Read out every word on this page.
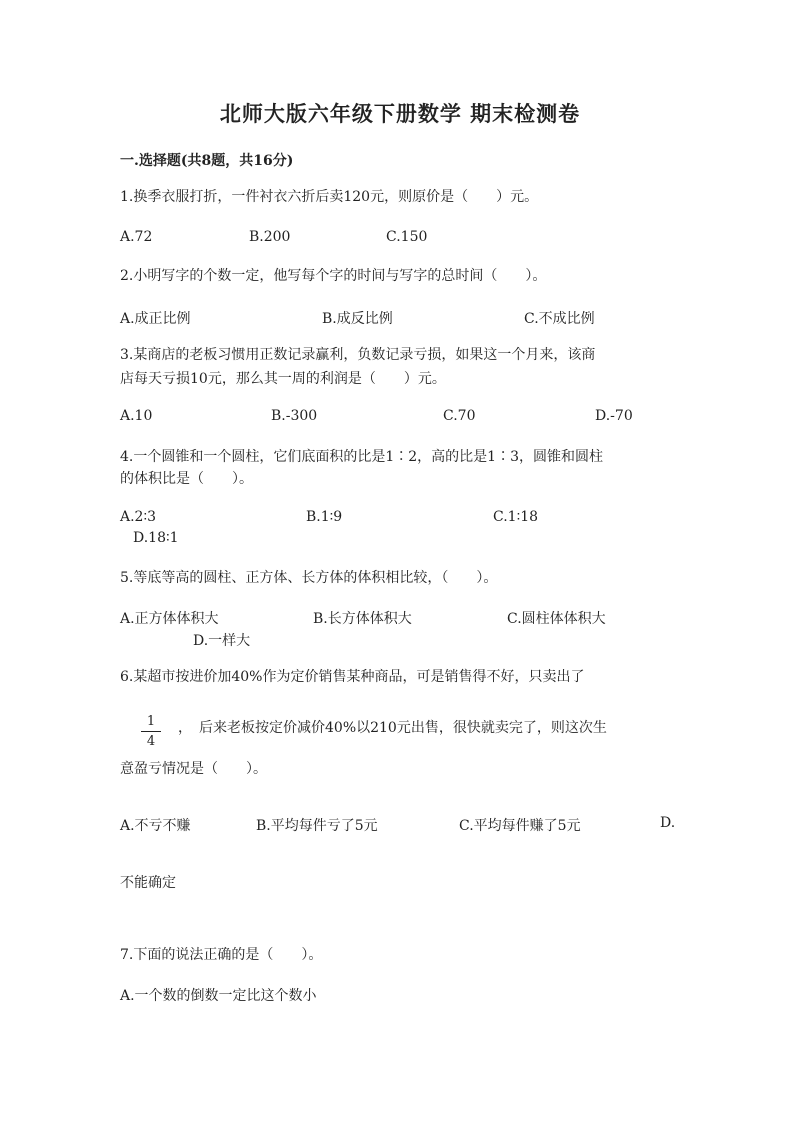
北师大版六年级下册数学 期末检测卷
一.选择题(共8题，共16分)
1.换季衣服打折，一件衬衣六折后卖120元，则原价是（　　）元。
A.72	B.200	C.150
2.小明写字的个数一定，他写每个字的时间与写字的总时间（　　）。
A.成正比例	B.成反比例	C.不成比例
3.某商店的老板习惯用正数记录赢利，负数记录亏损，如果这一个月来，该商
店每天亏损10元，那么其一周的利润是（　　）元。
A.10	B.-300	C.70	D.-70
4.一个圆锥和一个圆柱，它们底面积的比是1∶2，高的比是1∶3，圆锥和圆柱
的体积比是（　　）。
A.2∶3	B.1∶9	C.1∶18
D.18∶1
5.等底等高的圆柱、正方体、长方体的体积相比较，（　　）。
A.正方体体积大	B.长方体体积大	C.圆柱体体积大
D.一样大
6.某超市按进价加40%作为定价销售某种商品，可是销售得不好，只卖出了
1
4
，　后来老板按定价减价40%以210元出售，很快就卖完了，则这次生
意盈亏情况是（　　）。
A.不亏不赚	B.平均每件亏了5元	C.平均每件赚了5元	D.
不能确定
7.下面的说法正确的是（　　）。
A.一个数的倒数一定比这个数小
